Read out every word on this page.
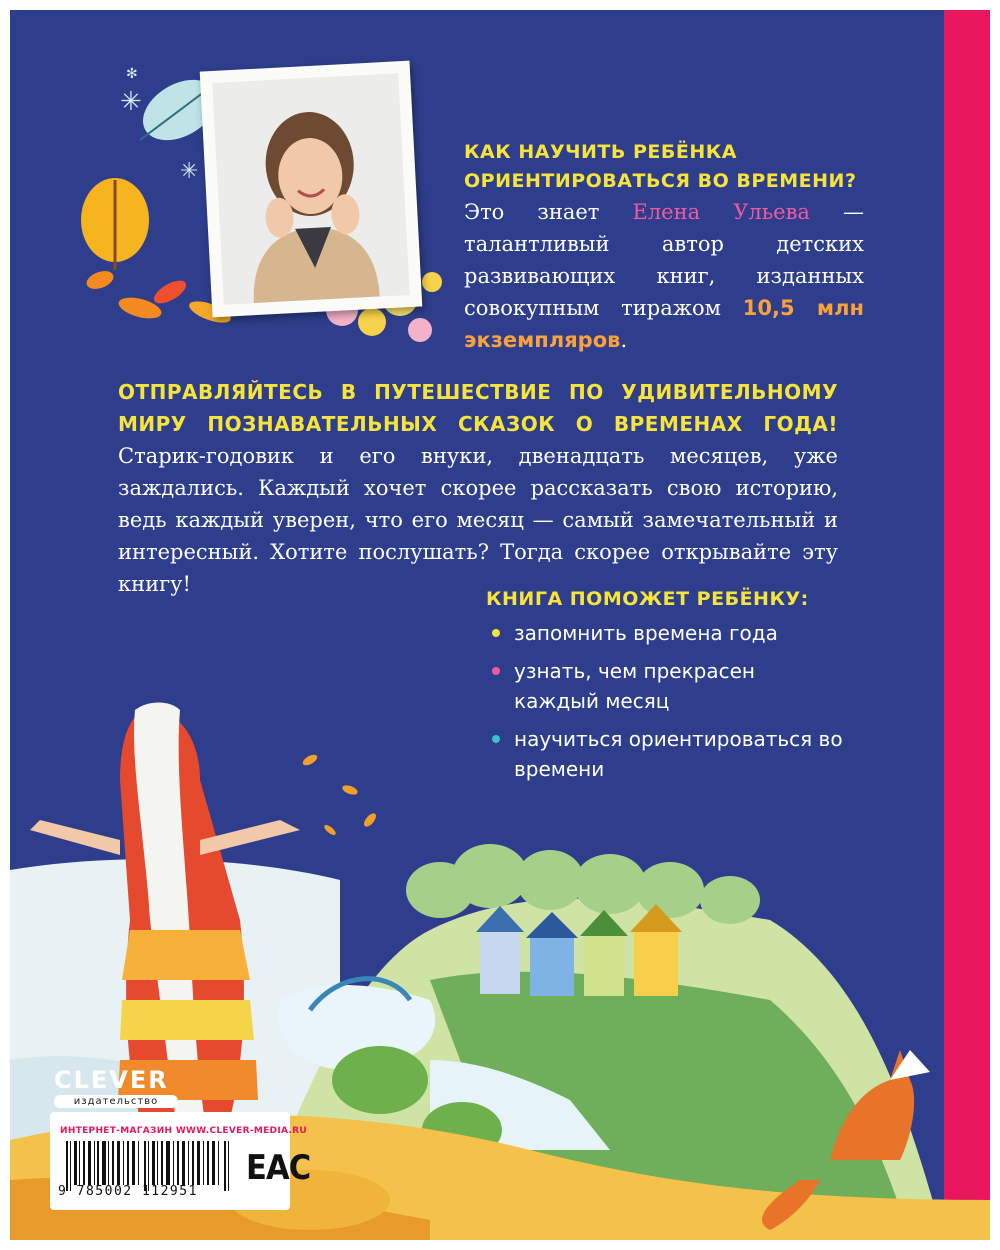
✳
✳
✻
КАК НАУЧИТЬ РЕБЁНКА ОРИЕНТИРОВАТЬСЯ ВО ВРЕМЕНИ?
Это знает Елена Ульева — талантливый автор детских развивающих книг, изданных совокупным тиражом 10,5 млн экземпляров.
ОТПРАВЛЯЙТЕСЬ В ПУТЕШЕСТВИЕ ПО УДИВИТЕЛЬНОМУ МИРУ ПОЗНАВАТЕЛЬНЫХ СКАЗОК О ВРЕМЕНАХ ГОДА! Старик-годовик и его внуки, двенадцать месяцев, уже заждались. Каждый хочет скорее рассказать свою историю, ведь каждый уверен, что его месяц — самый замечательный и интересный. Хотите послушать? Тогда скорее открывайте эту книгу!
КНИГА ПОМОЖЕТ РЕБЁНКУ:
запомнить времена года
узнать, чем прекрасен каждый месяц
научиться ориентироваться во времени
CLEVER
издательство
ИНТЕРНЕТ-МАГАЗИН WWW.CLEVER-MEDIA.RU
9 785002 112951
EAC
